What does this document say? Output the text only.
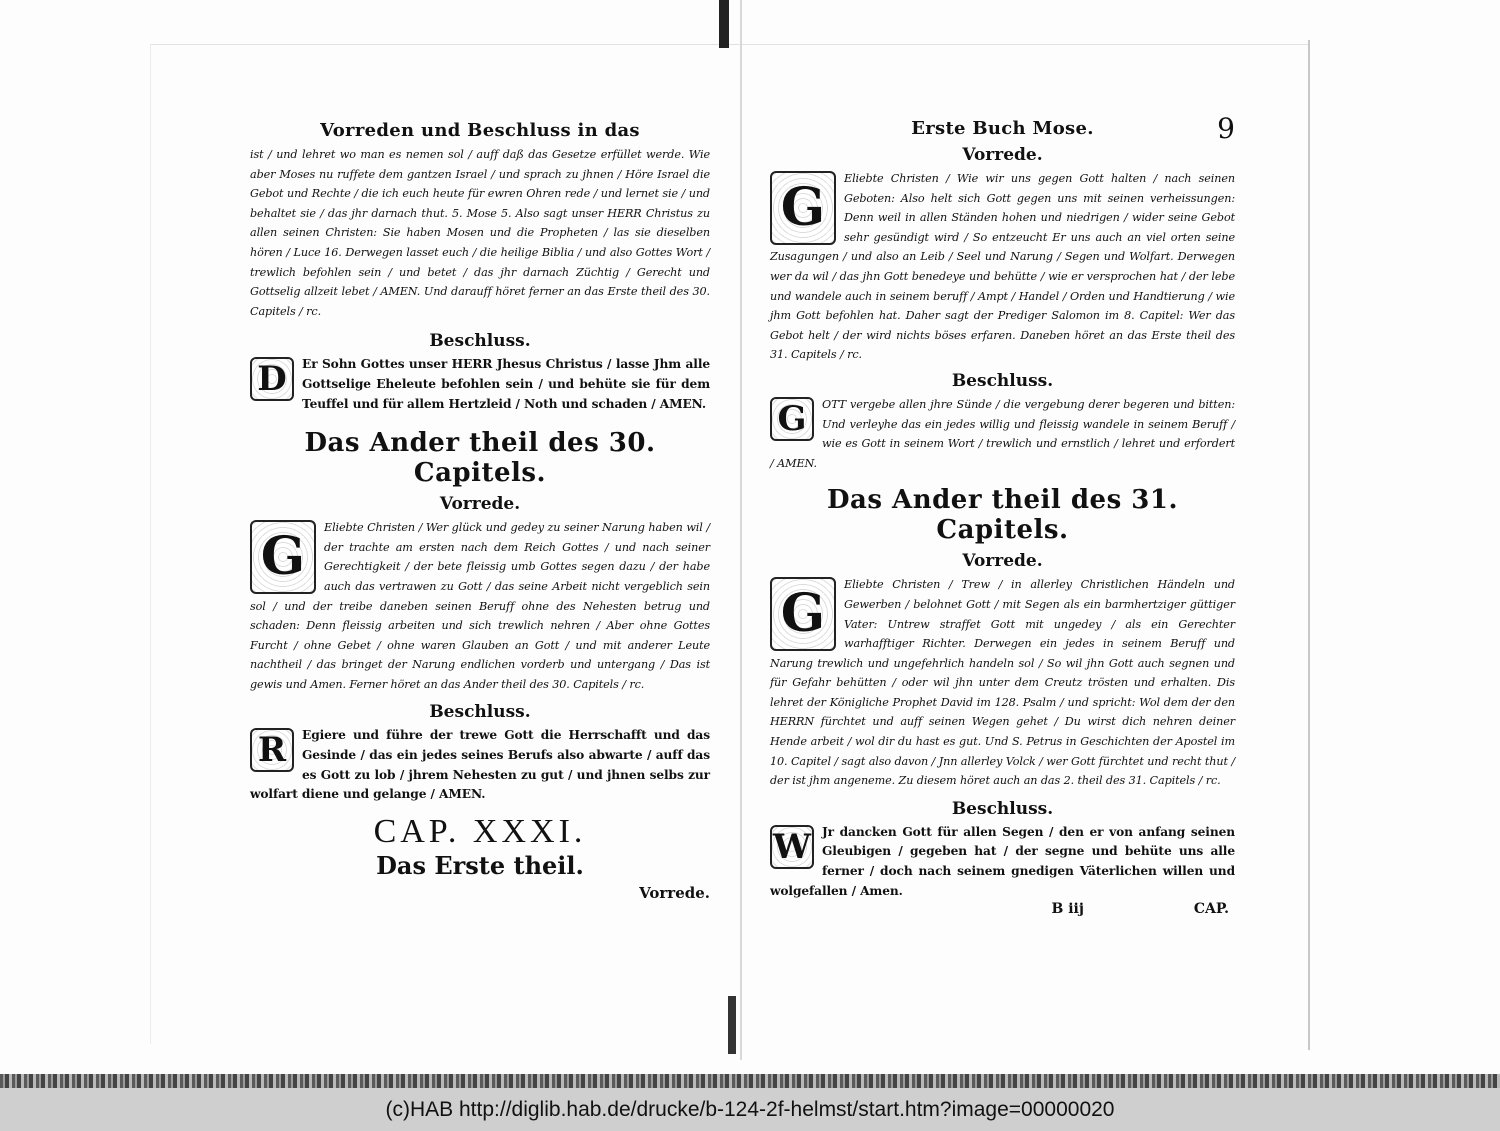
Vorreden und Beschluss in das
ist / und lehret wo man es nemen sol / auff daß das Gesetze erfüllet werde. Wie aber Moses nu ruffete dem gantzen Israel / und sprach zu jhnen / Höre Israel die Gebot und Rechte / die ich euch heute für ewren Ohren rede / und lernet sie / und behaltet sie / das jhr darnach thut. 5. Mose 5. Also sagt unser HERR Christus zu allen seinen Christen: Sie haben Mosen und die Propheten / las sie dieselben hören / Luce 16. Derwegen lasset euch / die heilige Biblia / und also Gottes Wort / trewlich befohlen sein / und betet / das jhr darnach Züchtig / Gerecht und Gottselig allzeit lebet / AMEN. Und darauff höret ferner an das Erste theil des 30. Capitels / rc.
Beschluss.
D	Er Sohn Gottes unser HERR Jhesus Christus / lasse Jhm alle Gottselige Eheleute befohlen sein / und behüte sie für dem Teuffel und für allem Hertzleid / Noth und schaden / AMEN.
Das Ander theil des 30. Capitels.
Vorrede.
G	Eliebte Christen / Wer glück und gedey zu seiner Narung haben wil / der trachte am ersten nach dem Reich Gottes / und nach seiner Gerechtigkeit / der bete fleissig umb Gottes segen dazu / der habe auch das vertrawen zu Gott / das seine Arbeit nicht vergeblich sein sol / und der treibe daneben seinen Beruff ohne des Nehesten betrug und schaden: Denn fleissig arbeiten und sich trewlich nehren / Aber ohne Gottes Furcht / ohne Gebet / ohne waren Glauben an Gott / und mit anderer Leute nachtheil / das bringet der Narung endlichen vorderb und untergang / Das ist gewis und Amen. Ferner höret an das Ander theil des 30. Capitels / rc.
Beschluss.
R	Egiere und führe der trewe Gott die Herrschafft und das Gesinde / das ein jedes seines Berufs also abwarte / auff das es Gott zu lob / jhrem Nehesten zu gut / und jhnen selbs zur wolfart diene und gelange / AMEN.
CAP. XXXI.
Das Erste theil.
Vorrede.
Erste Buch Mose.	9
Vorrede.
G	Eliebte Christen / Wie wir uns gegen Gott halten / nach seinen Geboten: Also helt sich Gott gegen uns mit seinen verheissungen: Denn weil in allen Ständen hohen und niedrigen / wider seine Gebot sehr gesündigt wird / So entzeucht Er uns auch an viel orten seine Zusagungen / und also an Leib / Seel und Narung / Segen und Wolfart. Derwegen wer da wil / das jhn Gott benedeye und behütte / wie er versprochen hat / der lebe und wandele auch in seinem beruff / Ampt / Handel / Orden und Handtierung / wie jhm Gott befohlen hat. Daher sagt der Prediger Salomon im 8. Capitel: Wer das Gebot helt / der wird nichts böses erfaren. Daneben höret an das Erste theil des 31. Capitels / rc.
Beschluss.
G	OTT vergebe allen jhre Sünde / die vergebung derer begeren und bitten: Und verleyhe das ein jedes willig und fleissig wandele in seinem Beruff / wie es Gott in seinem Wort / trewlich und ernstlich / lehret und erfordert / AMEN.
Das Ander theil des 31. Capitels.
Vorrede.
G	Eliebte Christen / Trew / in allerley Christlichen Händeln und Gewerben / belohnet Gott / mit Segen als ein barmhertziger güttiger Vater: Untrew straffet Gott mit ungedey / als ein Gerechter warhafftiger Richter. Derwegen ein jedes in seinem Beruff und Narung trewlich und ungefehrlich handeln sol / So wil jhn Gott auch segnen und für Gefahr behütten / oder wil jhn unter dem Creutz trösten und erhalten. Dis lehret der Königliche Prophet David im 128. Psalm / und spricht: Wol dem der den HERRN fürchtet und auff seinen Wegen gehet / Du wirst dich nehren deiner Hende arbeit / wol dir du hast es gut. Und S. Petrus in Geschichten der Apostel im 10. Capitel / sagt also davon / Jnn allerley Volck / wer Gott fürchtet und recht thut / der ist jhm angeneme. Zu diesem höret auch an das 2. theil des 31. Capitels / rc.
Beschluss.
W Jr dancken Gott für allen Segen / den er von anfang seinen Gleubigen / gegeben hat / der segne und behüte uns alle ferner / doch nach seinem gnedigen Väterlichen willen und wolgefallen / Amen.
B iij	CAP.
(c)HAB http://diglib.hab.de/drucke/b-124-2f-helmst/start.htm?image=00000020
